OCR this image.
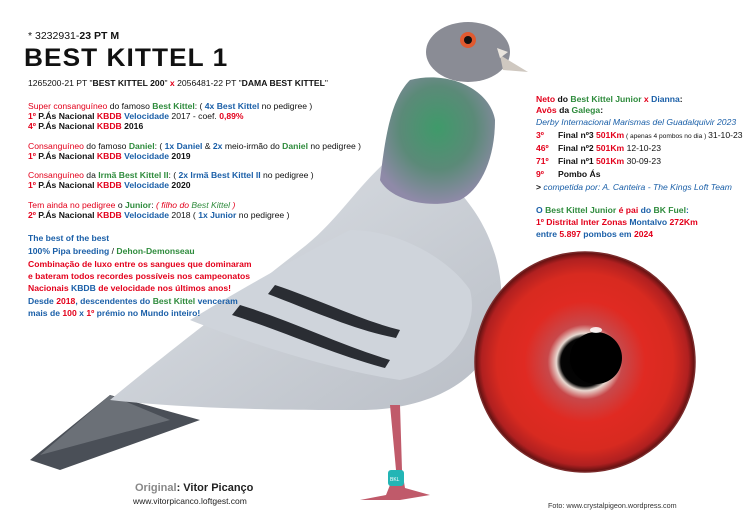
BKL
* 3232931-23 PT M
BEST KITTEL 1
1265200-21 PT "BEST KITTEL 200" x 2056481-22 PT "DAMA BEST KITTEL"
Super consanguíneo do famoso Best Kittel: ( 4x Best Kittel no pedigree )
1º P.Ás Nacional KBDB Velocidade 2017 - coef. 0,89%
4º P.Ás Nacional KBDB 2016
Consanguíneo do famoso Daniel: ( 1x Daniel & 2x meio-irmão do Daniel no pedigree )
1º P.Ás Nacional KBDB Velocidade 2019
Consanguíneo da Irmã Best Kittel II: ( 2x Irmã Best Kittel II no pedigree )
1º P.Ás Nacional KBDB Velocidade 2020
Tem ainda no pedigree o Junior: ( filho do Best Kittel )
2º P.Ás Nacional KBDB Velocidade 2018 ( 1x Junior no pedigree )
The best of the best
100% Pipa breeding / Dehon-Demonseau
Combinação de luxo entre os sangues que dominaram
e bateram todos recordes possíveis nos campeonatos
Nacionais KBDB de velocidade nos últimos anos!
Desde 2018, descendentes do Best Kittel venceram
mais de 100 x 1º prémio no Mundo inteiro!
Neto do Best Kittel Junior x Dianna:
Avôs da Galega:
Derby Internacional Marismas del Guadalquivir 2023
3º Final nº3 501Km ( apenas 4 pombos no dia ) 31-10-23
46º Final nº2 501Km 12-10-23
71º Final nº1 501Km 30-09-23
9º Pombo Ás
> competida por: A. Canteira - The Kings Loft Team
O Best Kittel Junior é pai do BK Fuel:
1º Distrital Inter Zonas Montalvo 272Km
entre 5.897 pombos em 2024
Original: Vitor Picanço
www.vitorpicanco.loftgest.com	Foto: www.crystalpigeon.wordpress.com
